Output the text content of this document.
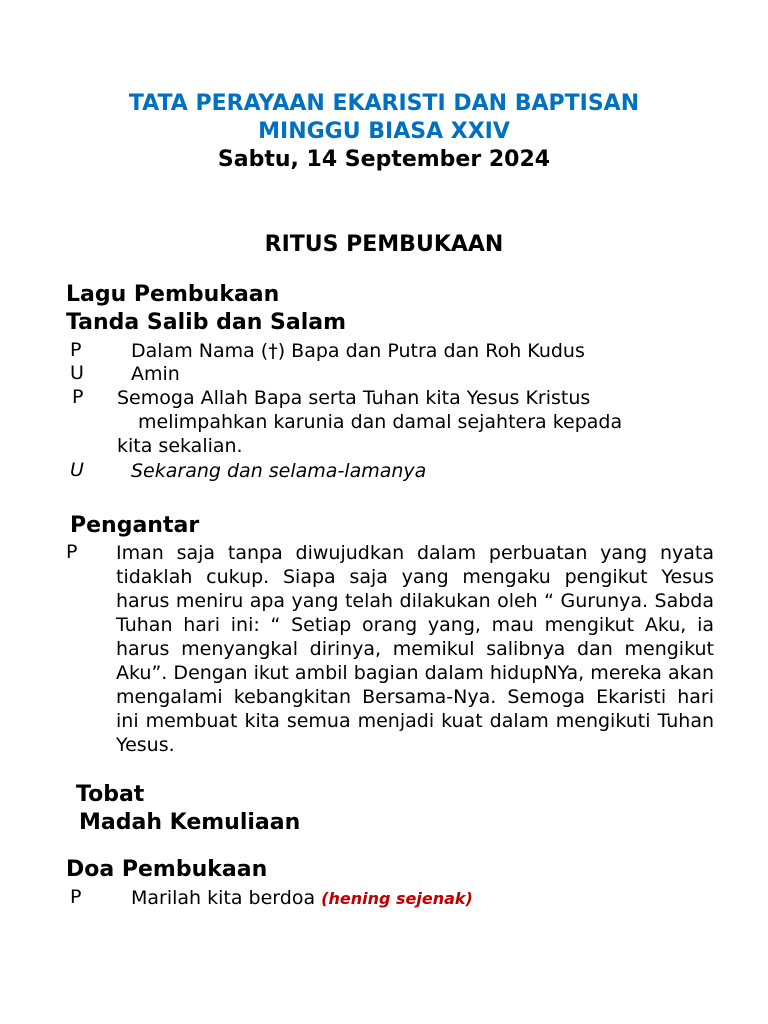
TATA PERAYAAN EKARISTI DAN BAPTISAN
MINGGU BIASA XXIV
Sabtu, 14 September 2024
RITUS PEMBUKAAN
Lagu Pembukaan
Tanda Salib dan Salam
P	Dalam Nama (†) Bapa dan Putra dan Roh Kudus
U Amin
P Semoga Allah Bapa serta Tuhan kita Yesus Kristus
melimpahkan karunia dan damal sejahtera kepada
kita sekalian.
U Sekarang dan selama-lamanya
Pengantar
P Iman saja tanpa diwujudkan dalam perbuatan yang nyata tidaklah cukup. Siapa saja yang mengaku pengikut Yesus harus meniru apa yang telah dilakukan oleh “ Gurunya. Sabda Tuhan hari ini: “ Setiap orang yang, mau mengikut Aku, ia harus menyangkal dirinya, memikul salibnya dan mengikut Aku”. Dengan ikut ambil bagian dalam hidupNYa, mereka akan mengalami kebangkitan Bersama-Nya. Semoga Ekaristi hari ini membuat kita semua menjadi kuat dalam mengikuti Tuhan Yesus.
Tobat
Madah Kemuliaan
Doa Pembukaan
P	Marilah kita berdoa (hening sejenak)
